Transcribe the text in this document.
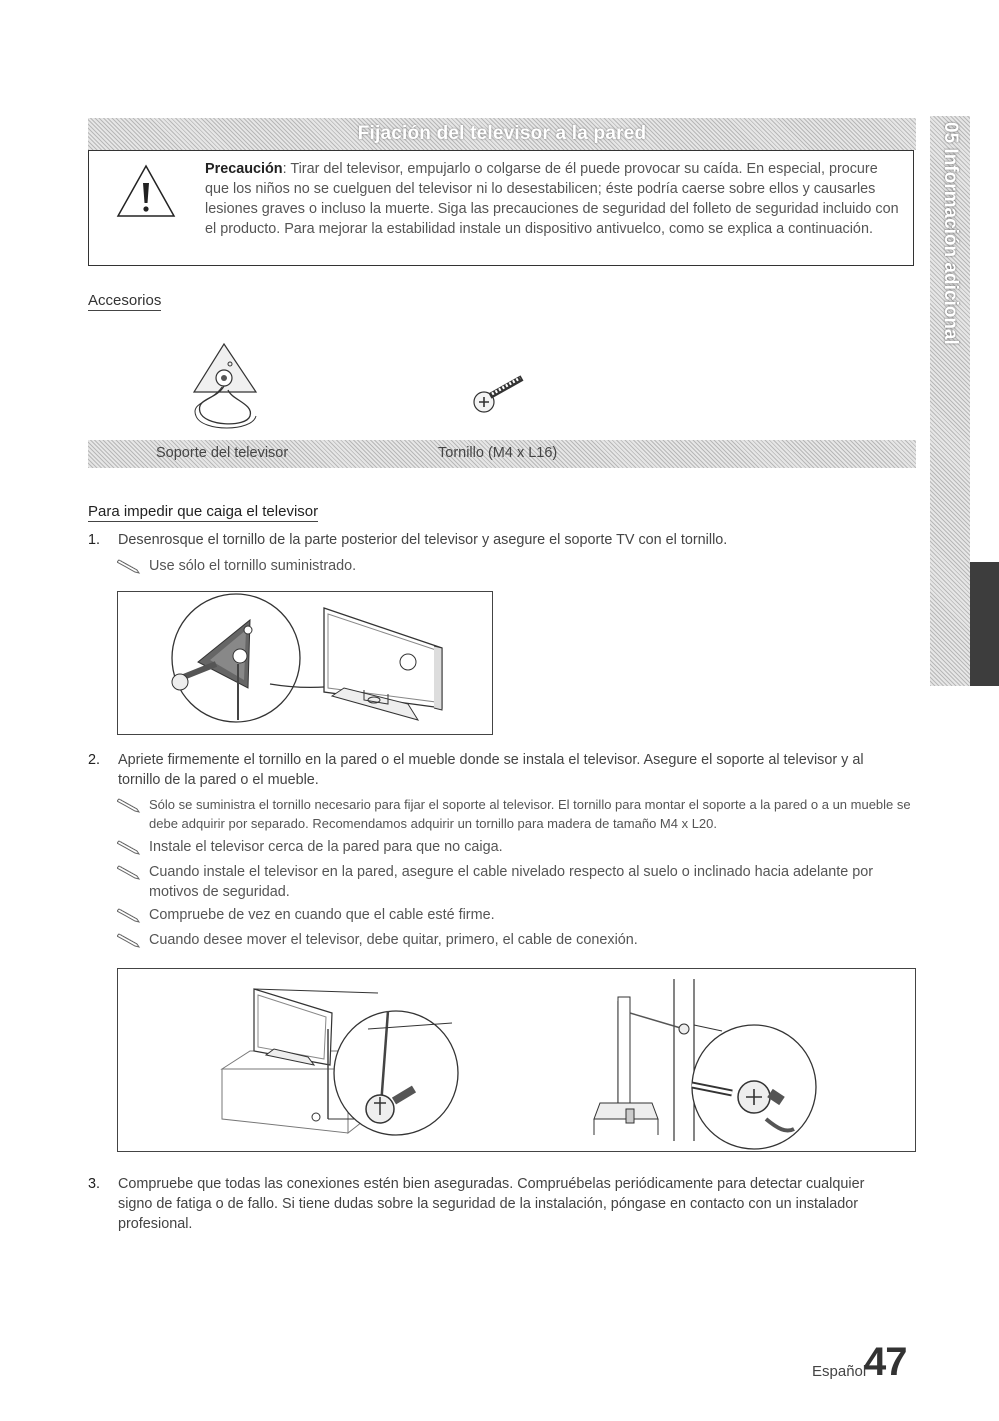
Fijación del televisor a la pared	05 Información adicional
Precaución: Tirar del televisor, empujarlo o colgarse de él puede provocar su caída. En especial, procure que los niños no se cuelguen del televisor ni lo desestabilicen; éste podría caerse sobre ellos y causarles lesiones graves o incluso la muerte. Siga las precauciones de seguridad del folleto de seguridad incluido con el producto. Para mejorar la estabilidad instale un dispositivo antivuelco, como se explica a continuación.
Accesorios
Soporte del televisor	Tornillo (M4 x L16)
Para impedir que caiga el televisor
1. Desenrosque el tornillo de la parte posterior del televisor y asegure el soporte TV con el tornillo.
Use sólo el tornillo suministrado.
2. Apriete firmemente el tornillo en la pared o el mueble donde se instala el televisor. Asegure el soporte al televisor y al tornillo de la pared o el mueble.
Sólo se suministra el tornillo necesario para fijar el soporte al televisor. El tornillo para montar el soporte a la pared o a un mueble se debe adquirir por separado. Recomendamos adquirir un tornillo para madera de tamaño M4 x L20.
Instale el televisor cerca de la pared para que no caiga.
Cuando instale el televisor en la pared, asegure el cable nivelado respecto al suelo o inclinado hacia adelante por motivos de seguridad.
Compruebe de vez en cuando que el cable esté firme.
Cuando desee mover el televisor, debe quitar, primero, el cable de conexión.
3. Compruebe que todas las conexiones estén bien aseguradas. Compruébelas periódicamente para detectar cualquier signo de fatiga o de fallo. Si tiene dudas sobre la seguridad de la instalación, póngase en contacto con un instalador profesional.
Español
47
